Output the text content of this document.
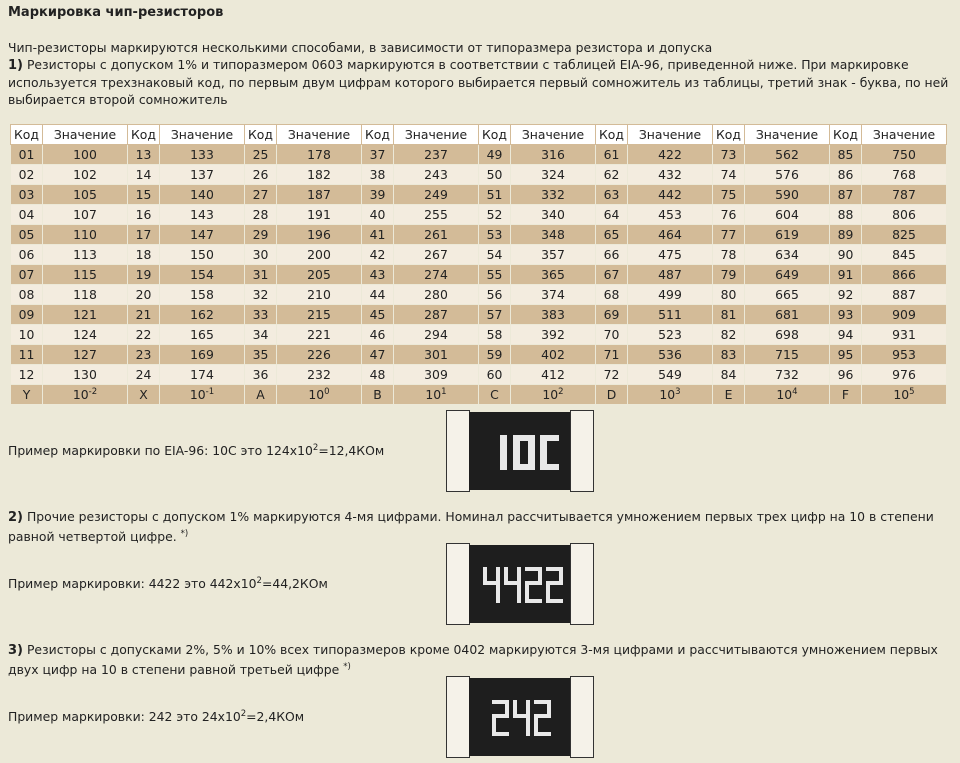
Маркировка чип-резисторов
Чип-резисторы маркируются несколькими способами, в зависимости от типоразмера резистора и допуска
1) Резисторы с допуском 1% и типоразмером 0603 маркируются в соответствии с таблицей EIA-96, приведенной ниже. При маркировке используется трехзнаковый код, по первым двум цифрам которого выбирается первый сомножитель из таблицы, третий знак - буква, по ней выбирается второй сомножитель
Код	Значение	Код	Значение	Код	Значение	Код	Значение	Код	Значение	Код	Значение	Код	Значение	Код	Значение
01	100	13	133	25	178	37	237	49	316	61	422	73	562	85	750
02	102	14	137	26	182	38	243	50	324	62	432	74	576	86	768
03	105	15	140	27	187	39	249	51	332	63	442	75	590	87	787
04	107	16	143	28	191	40	255	52	340	64	453	76	604	88	806
05	110	17	147	29	196	41	261	53	348	65	464	77	619	89	825
06	113	18	150	30	200	42	267	54	357	66	475	78	634	90	845
07	115	19	154	31	205	43	274	55	365	67	487	79	649	91	866
08	118	20	158	32	210	44	280	56	374	68	499	80	665	92	887
09	121	21	162	33	215	45	287	57	383	69	511	81	681	93	909
10	124	22	165	34	221	46	294	58	392	70	523	82	698	94	931
11	127	23	169	35	226	47	301	59	402	71	536	83	715	95	953
12	130	24	174	36	232	48	309	60	412	72	549	84	732	96	976
Y	$10^{-2}$	X	$10^{-1}$	A	$10^0$	B	$10^1$	C	$10^2$	D	$10^3$	E	$10^4$	F	$10^5$
Пример маркировки по EIA-96: 10C это $124x10^2=12,4КОм$
2) Прочие резисторы с допуском 1% маркируются 4-мя цифрами. Номинал рассчитывается умножением первых трех цифр на 10 в степени равной четвертой цифре. *)
Пример маркировки: 4422 это $442x10^2=44,2КОм$
3) Резисторы с допусками 2%, 5% и 10% всех типоразмеров кроме 0402 маркируются 3-мя цифрами и рассчитываются умножением первых двух цифр на 10 в степени равной третьей цифре *)
Пример маркировки: 242 это $24x10^2=2,4КОм$
